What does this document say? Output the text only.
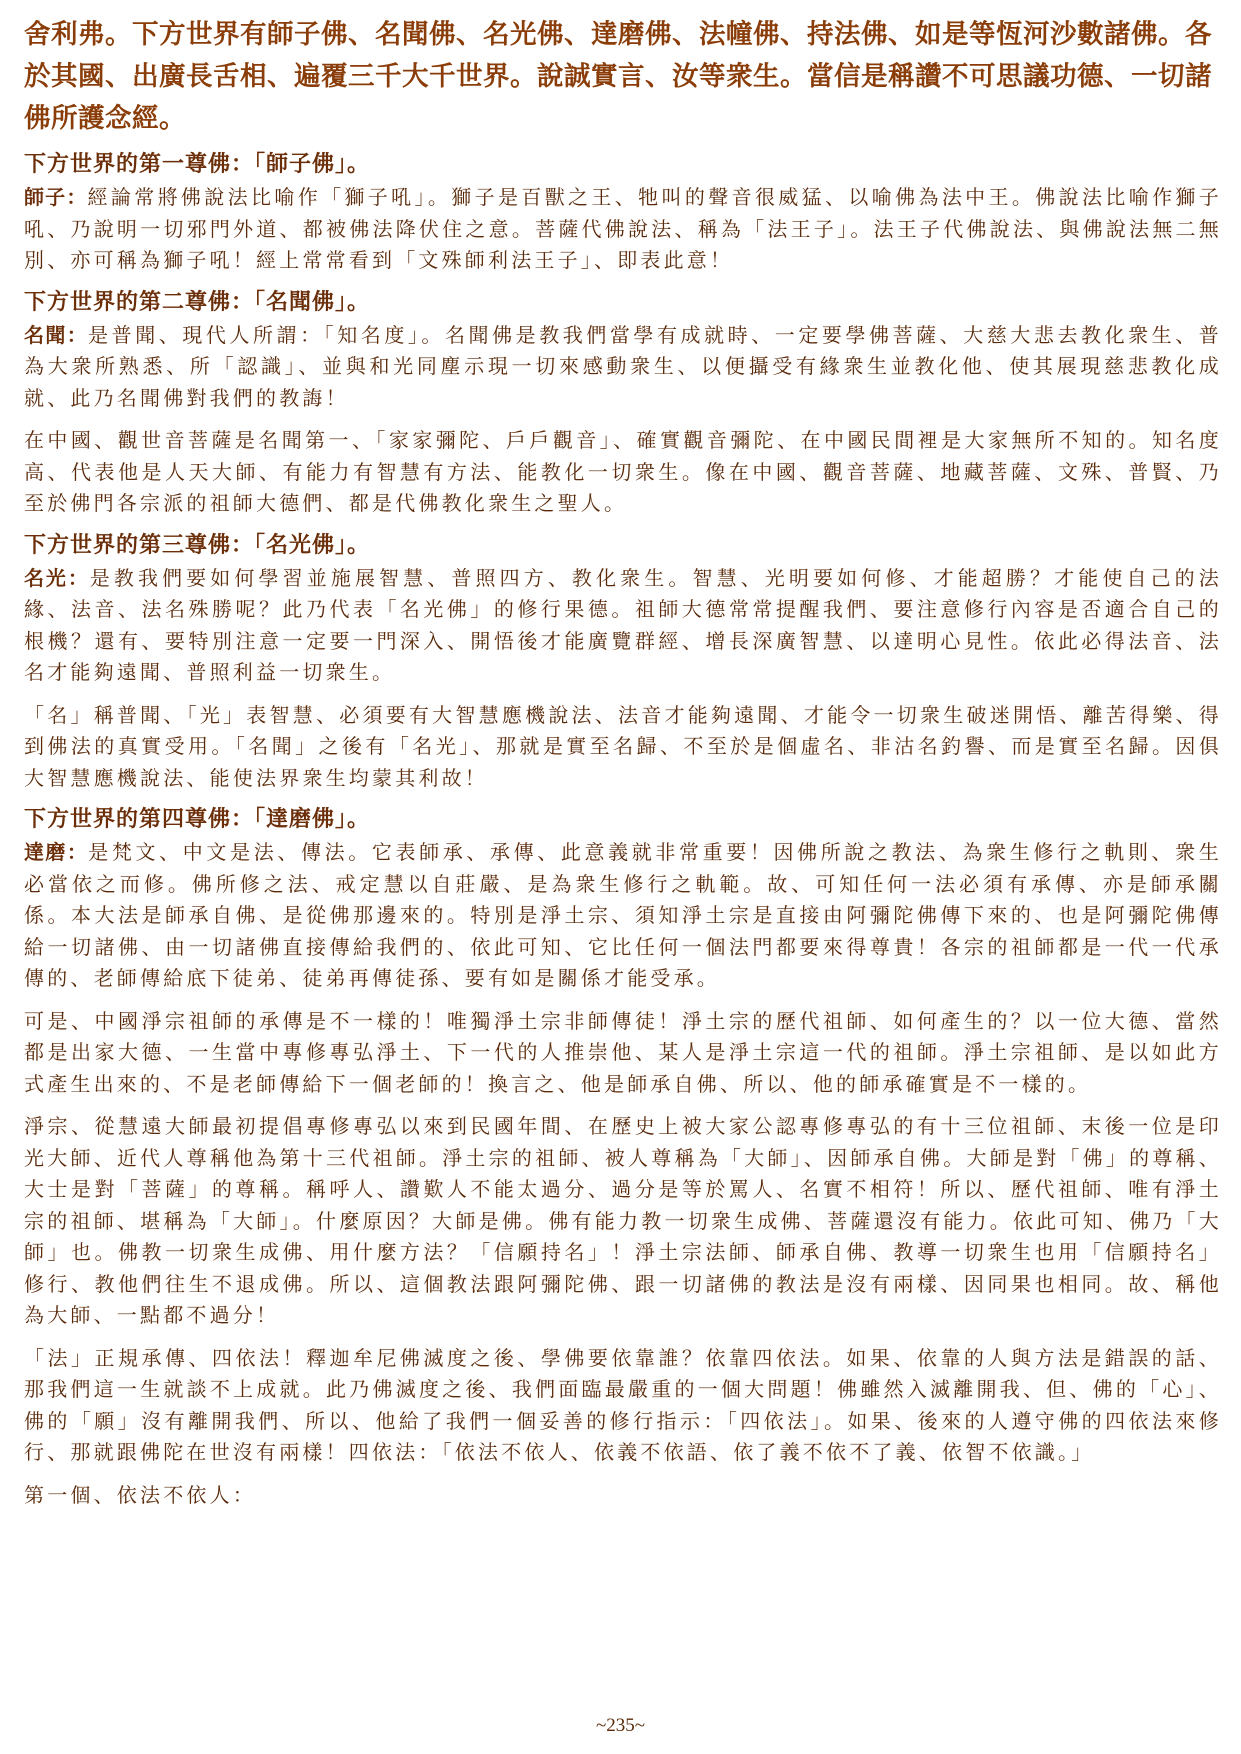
舍利弗。下方世界有師子佛、名聞佛、名光佛、達磨佛、法幢佛、持法佛、如是等恆河沙數諸佛。各於其國、出廣長舌相、遍覆三千大千世界。說誠實言、汝等衆生。當信是稱讚不可思議功德、一切諸佛所護念經。

下方世界的第一尊佛：「師子佛」。

師子：經論常將佛說法比喻作「獅子吼」。獅子是百獸之王、牠叫的聲音很威猛、以喻佛為法中王。佛說法比喻作獅子吼、乃說明一切邪門外道、都被佛法降伏住之意。菩薩代佛說法、稱為「法王子」。法王子代佛說法、與佛說法無二無別、亦可稱為獅子吼！經上常常看到「文殊師利法王子」、即表此意！

下方世界的第二尊佛：「名聞佛」。

名聞：是普聞、現代人所謂：「知名度」。名聞佛是教我們當學有成就時、一定要學佛菩薩、大慈大悲去教化衆生、普為大衆所熟悉、所「認識」、並與和光同塵示現一切來感動衆生、以便攝受有緣衆生並教化他、使其展現慈悲教化成就、此乃名聞佛對我們的教誨！

在中國、觀世音菩薩是名聞第一、「家家彌陀、戶戶觀音」、確實觀音彌陀、在中國民間裡是大家無所不知的。知名度高、代表他是人天大師、有能力有智慧有方法、能教化一切衆生。像在中國、觀音菩薩、地藏菩薩、文殊、普賢、乃至於佛門各宗派的祖師大德們、都是代佛教化衆生之聖人。

下方世界的第三尊佛：「名光佛」。

名光：是教我們要如何學習並施展智慧、普照四方、教化衆生。智慧、光明要如何修、才能超勝？才能使自己的法緣、法音、法名殊勝呢？此乃代表「名光佛」的修行果德。祖師大德常常提醒我們、要注意修行內容是否適合自己的根機？還有、要特別注意一定要一門深入、開悟後才能廣覽群經、增長深廣智慧、以達明心見性。依此必得法音、法名才能夠遠聞、普照利益一切衆生。

「名」稱普聞、「光」表智慧、必須要有大智慧應機說法、法音才能夠遠聞、才能令一切衆生破迷開悟、離苦得樂、得到佛法的真實受用。「名聞」之後有「名光」、那就是實至名歸、不至於是個虛名、非沽名釣譽、而是實至名歸。因俱大智慧應機說法、能使法界衆生均蒙其利故！

下方世界的第四尊佛：「達磨佛」。

達磨：是梵文、中文是法、傳法。它表師承、承傳、此意義就非常重要！因佛所說之教法、為衆生修行之軌則、衆生必當依之而修。佛所修之法、戒定慧以自莊嚴、是為衆生修行之軌範。故、可知任何一法必須有承傳、亦是師承關係。本大法是師承自佛、是從佛那邊來的。特別是淨土宗、須知淨土宗是直接由阿彌陀佛傳下來的、也是阿彌陀佛傳給一切諸佛、由一切諸佛直接傳給我們的、依此可知、它比任何一個法門都要來得尊貴！各宗的祖師都是一代一代承傳的、老師傳給底下徒弟、徒弟再傳徒孫、要有如是關係才能受承。

可是、中國淨宗祖師的承傳是不一樣的！唯獨淨土宗非師傳徒！淨土宗的歷代祖師、如何產生的？以一位大德、當然都是出家大德、一生當中專修專弘淨土、下一代的人推崇他、某人是淨土宗這一代的祖師。淨土宗祖師、是以如此方式產生出來的、不是老師傳給下一個老師的！換言之、他是師承自佛、所以、他的師承確實是不一樣的。

淨宗、從慧遠大師最初提倡專修專弘以來到民國年間、在歷史上被大家公認專修專弘的有十三位祖師、末後一位是印光大師、近代人尊稱他為第十三代祖師。淨土宗的祖師、被人尊稱為「大師」、因師承自佛。大師是對「佛」的尊稱、大士是對「菩薩」的尊稱。稱呼人、讚歎人不能太過分、過分是等於罵人、名實不相符！所以、歷代祖師、唯有淨土宗的祖師、堪稱為「大師」。什麼原因？大師是佛。佛有能力教一切衆生成佛、菩薩還沒有能力。依此可知、佛乃「大師」也。佛教一切衆生成佛、用什麼方法？「信願持名」！淨土宗法師、師承自佛、教導一切衆生也用「信願持名」修行、教他們往生不退成佛。所以、這個教法跟阿彌陀佛、跟一切諸佛的教法是沒有兩樣、因同果也相同。故、稱他為大師、一點都不過分！

「法」正規承傳、四依法！釋迦牟尼佛滅度之後、學佛要依靠誰？依靠四依法。如果、依靠的人與方法是錯誤的話、那我們這一生就談不上成就。此乃佛滅度之後、我們面臨最嚴重的一個大問題！佛雖然入滅離開我、但、佛的「心」、佛的「願」沒有離開我們、所以、他給了我們一個妥善的修行指示：「四依法」。如果、後來的人遵守佛的四依法來修行、那就跟佛陀在世沒有兩樣！四依法：「依法不依人、依義不依語、依了義不依不了義、依智不依識。」

第一個、依法不依人：

~235~
